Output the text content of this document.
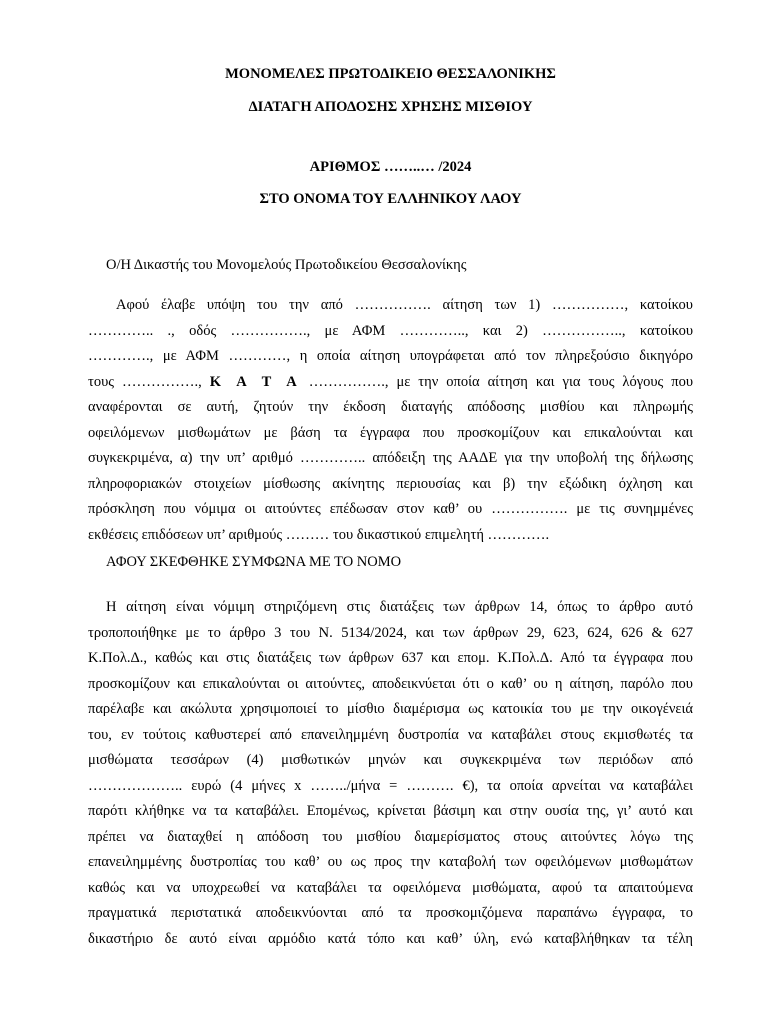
ΜΟΝΟΜΕΛΕΣ ΠΡΩΤΟΔΙΚΕΙΟ ΘΕΣΣΑΛΟΝΙΚΗΣ
ΔΙΑΤΑΓΗ ΑΠΟΔΟΣΗΣ ΧΡΗΣΗΣ ΜΙΣΘΙΟΥ
ΑΡΙΘΜΟΣ ……..… /2024
ΣΤΟ ΟΝΟΜΑ ΤΟΥ ΕΛΛΗΝΙΚΟΥ ΛΑΟΥ
Ο/Η Δικαστής του Μονομελούς Πρωτοδικείου Θεσσαλονίκης
Αφού έλαβε υπόψη του την από ……………. αίτηση των 1) ……………, κατοίκου
………….. ., οδός ……………., με ΑΦΜ ………….., και 2) …………….., κατοίκου
…………., με ΑΦΜ …………, η οποία αίτηση υπογράφεται από τον πληρεξούσιο δικηγόρο
τους ……………., Κ Α Τ Α ……………., με την οποία αίτηση και για τους λόγους που
αναφέρονται σε αυτή, ζητούν την έκδοση διαταγής απόδοσης μισθίου και πληρωμής
οφειλόμενων μισθωμάτων με βάση τα έγγραφα που προσκομίζουν και επικαλούνται και
συγκεκριμένα, α) την υπ’ αριθμό ………….. απόδειξη της ΑΑΔΕ για την υποβολή της δήλωσης
πληροφοριακών στοιχείων μίσθωσης ακίνητης περιουσίας και β) την εξώδικη όχληση και
πρόσκληση που νόμιμα οι αιτούντες επέδωσαν στον καθ’ ου ……………. με τις συνημμένες
εκθέσεις επιδόσεων υπ’ αριθμούς ……… του δικαστικού επιμελητή ………….
ΑΦΟΥ ΣΚΕΦΘΗΚΕ ΣΥΜΦΩΝΑ ΜΕ ΤΟ ΝΟΜΟ
Η αίτηση είναι νόμιμη στηριζόμενη στις διατάξεις των άρθρων 14, όπως το άρθρο αυτό
τροποποιήθηκε με το άρθρο 3 του Ν. 5134/2024, και των άρθρων 29, 623, 624, 626 & 627
Κ.Πολ.Δ., καθώς και στις διατάξεις των άρθρων 637 και επομ. Κ.Πολ.Δ. Από τα έγγραφα που
προσκομίζουν και επικαλούνται οι αιτούντες, αποδεικνύεται ότι ο καθ’ ου η αίτηση, παρόλο που
παρέλαβε και ακώλυτα χρησιμοποιεί το μίσθιο διαμέρισμα ως κατοικία του με την οικογένειά
του, εν τούτοις καθυστερεί από επανειλημμένη δυστροπία να καταβάλει στους εκμισθωτές τα
μισθώματα τεσσάρων (4) μισθωτικών μηνών και συγκεκριμένα των περιόδων από
……………….. ευρώ (4 μήνες x ……../μήνα = ………. €), τα οποία αρνείται να καταβάλει
παρότι κλήθηκε να τα καταβάλει. Επομένως, κρίνεται βάσιμη και στην ουσία της, γι’ αυτό και
πρέπει να διαταχθεί η απόδοση του μισθίου διαμερίσματος στους αιτούντες λόγω της
επανειλημμένης δυστροπίας του καθ’ ου ως προς την καταβολή των οφειλόμενων μισθωμάτων
καθώς και να υποχρεωθεί να καταβάλει τα οφειλόμενα μισθώματα, αφού τα απαιτούμενα
πραγματικά περιστατικά αποδεικνύονται από τα προσκομιζόμενα παραπάνω έγγραφα, το
δικαστήριο δε αυτό είναι αρμόδιο κατά τόπο και καθ’ ύλη, ενώ καταβλήθηκαν τα τέλη
